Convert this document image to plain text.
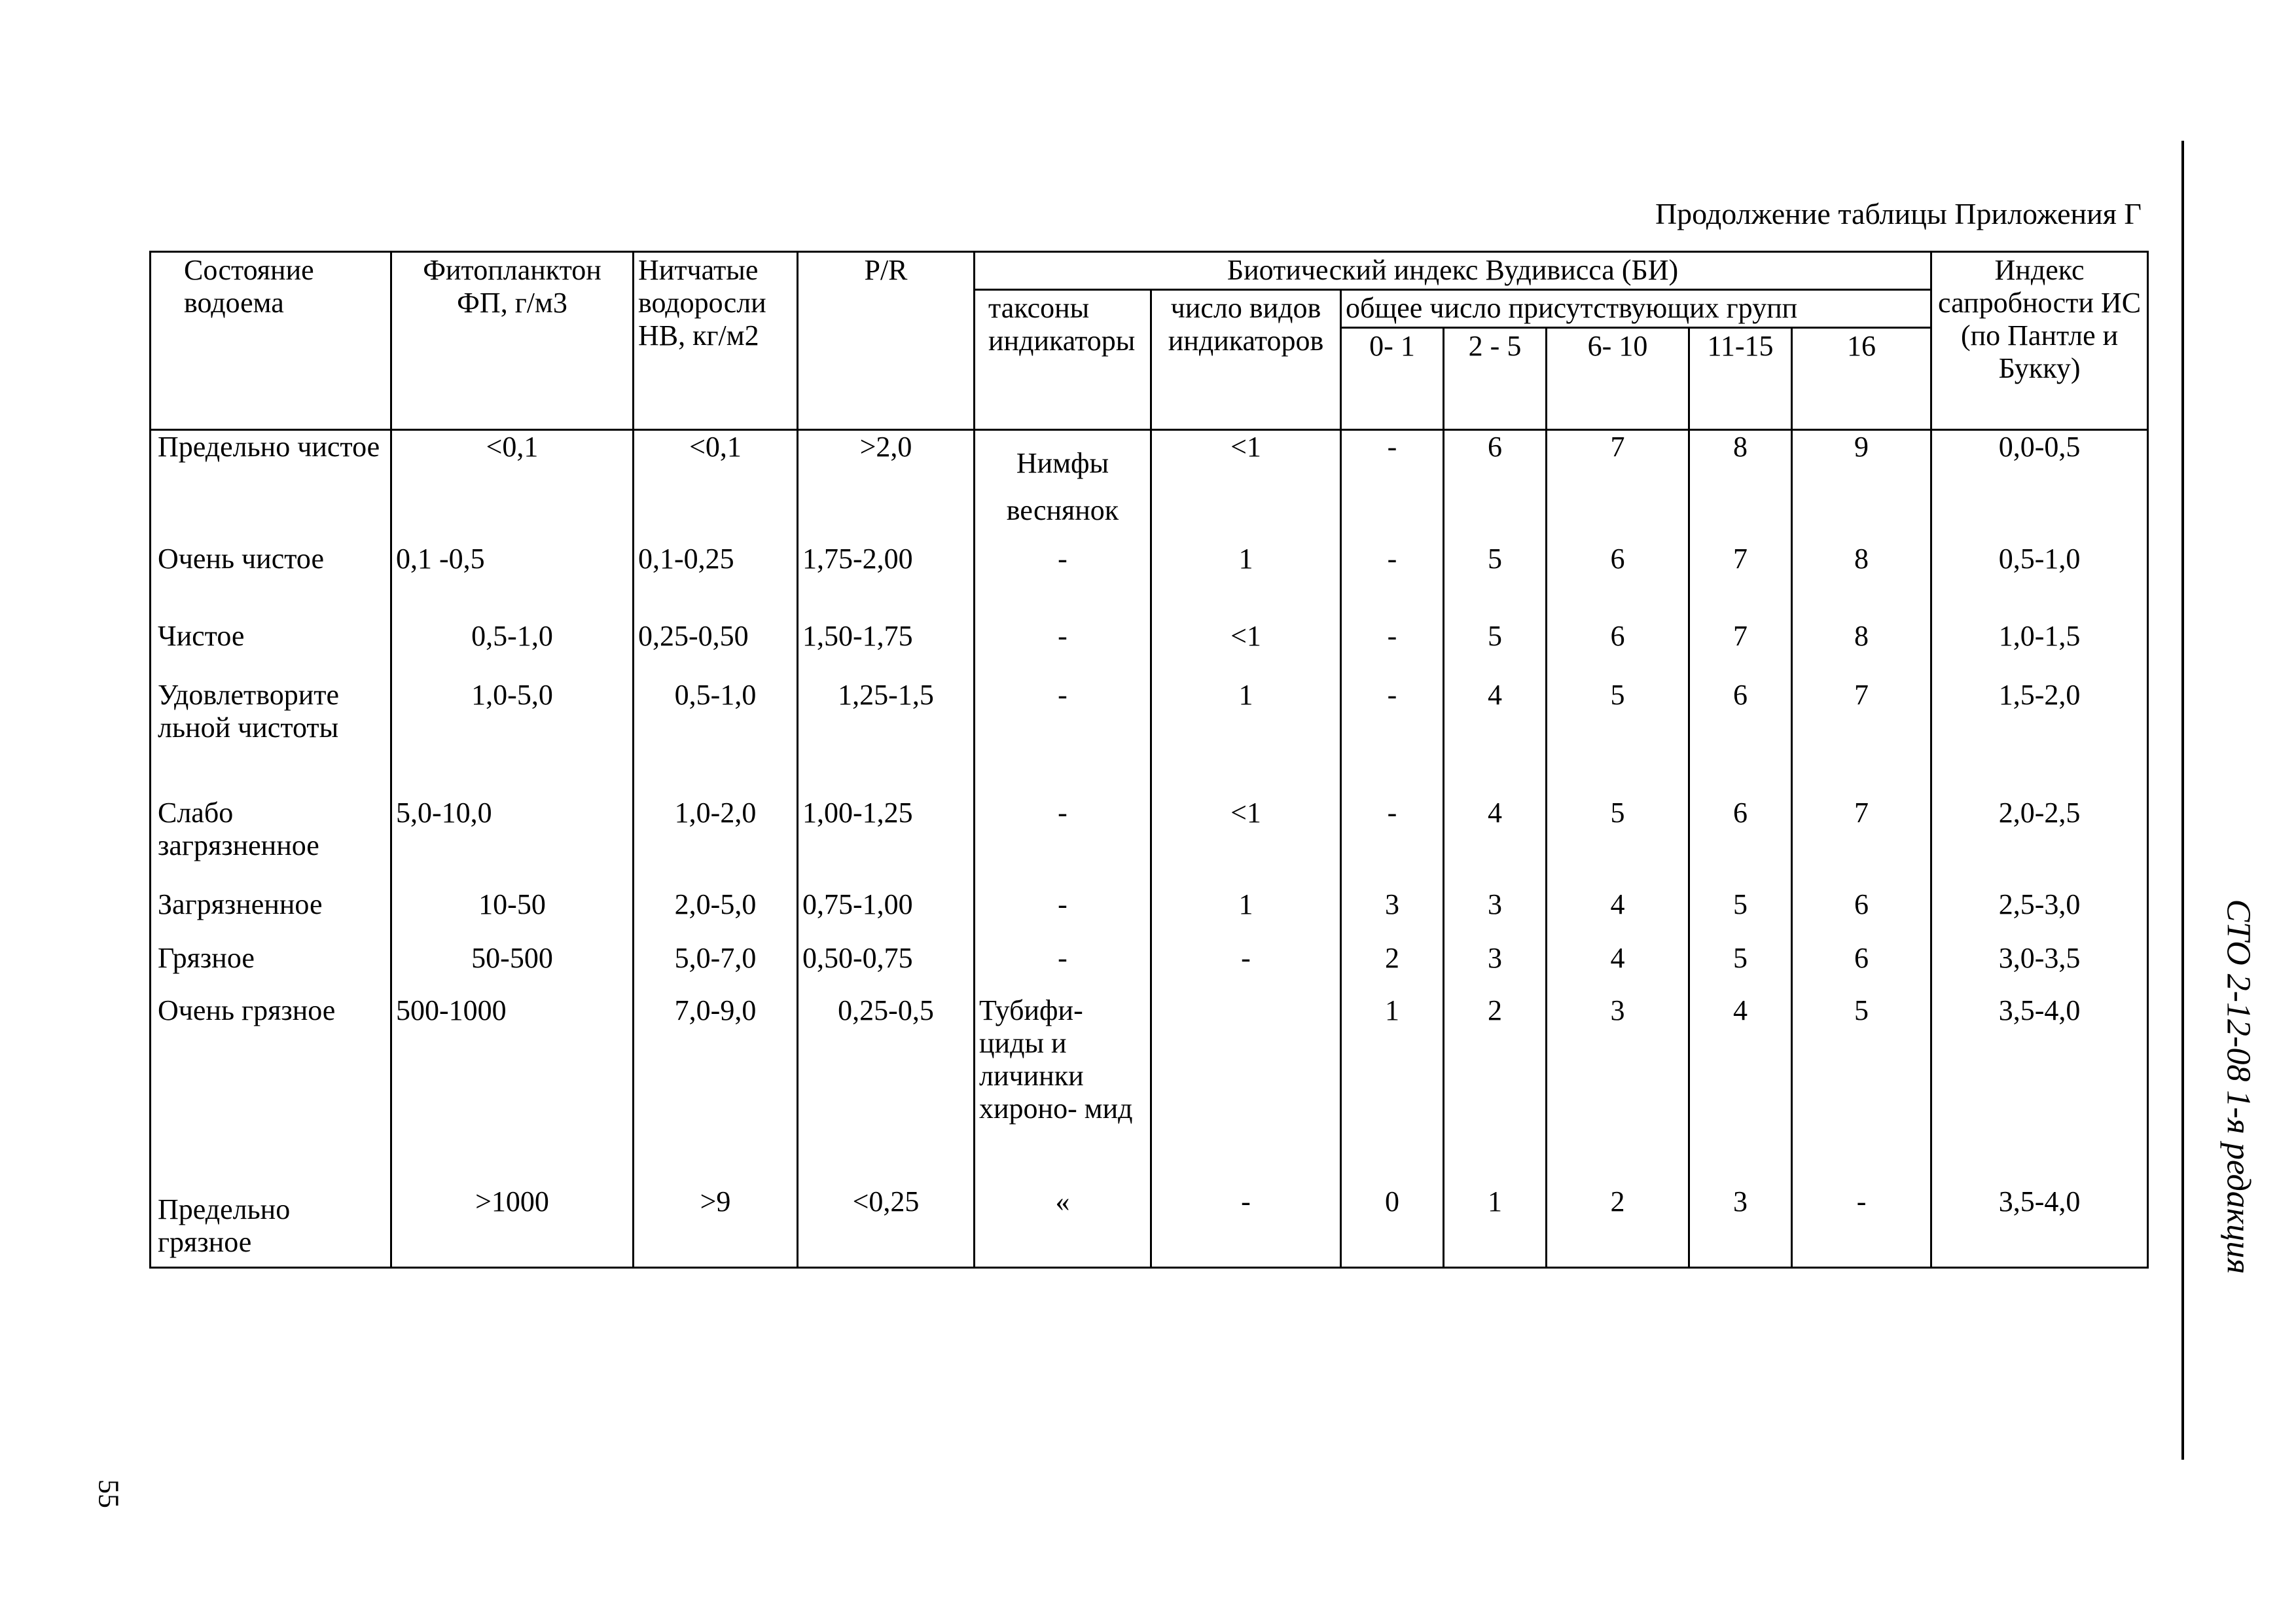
Продолжение таблицы Приложения Г
СТО 2-12-08 1-я редакция
55
Состояние водоема	Фитопланктон ФП, г/м3	Нитчатые водоросли НВ, кг/м2	P/R	Биотический индекс Вудивисса (БИ)							Индекс сапробности ИС (по Пантле и Букку)
				таксоны индикаторы	число видов индикаторов	общее число присутствующих групп					
						0- 1	2 - 5	6- 10	11-15	16	
Предельно чистое	<0,1	<0,1	>2,0	Нимфы веснянок	<1	-	6	7	8	9	0,0-0,5
Очень чистое	0,1 -0,5	0,1-0,25	1,75-2,00	-	1	-	5	6	7	8	0,5-1,0
Чистое	0,5-1,0	0,25-0,50	1,50-1,75	-	<1	-	5	6	7	8	1,0-1,5
Удовлетворите льной чистоты	1,0-5,0	0,5-1,0	1,25-1,5	-	1	-	4	5	6	7	1,5-2,0
Слабо загрязненное	5,0-10,0	1,0-2,0	1,00-1,25	-	<1	-	4	5	6	7	2,0-2,5
Загрязненное	10-50	2,0-5,0	0,75-1,00	-	1	3	3	4	5	6	2,5-3,0
Грязное	50-500	5,0-7,0	0,50-0,75	-	-	2	3	4	5	6	3,0-3,5
Очень грязное	500-1000	7,0-9,0	0,25-0,5	Тубифи- циды и личинки хироно- мид		1	2	3	4	5	3,5-4,0
Предельно грязное	>1000	>9	<0,25	«	-	0	1	2	3	-	3,5-4,0
